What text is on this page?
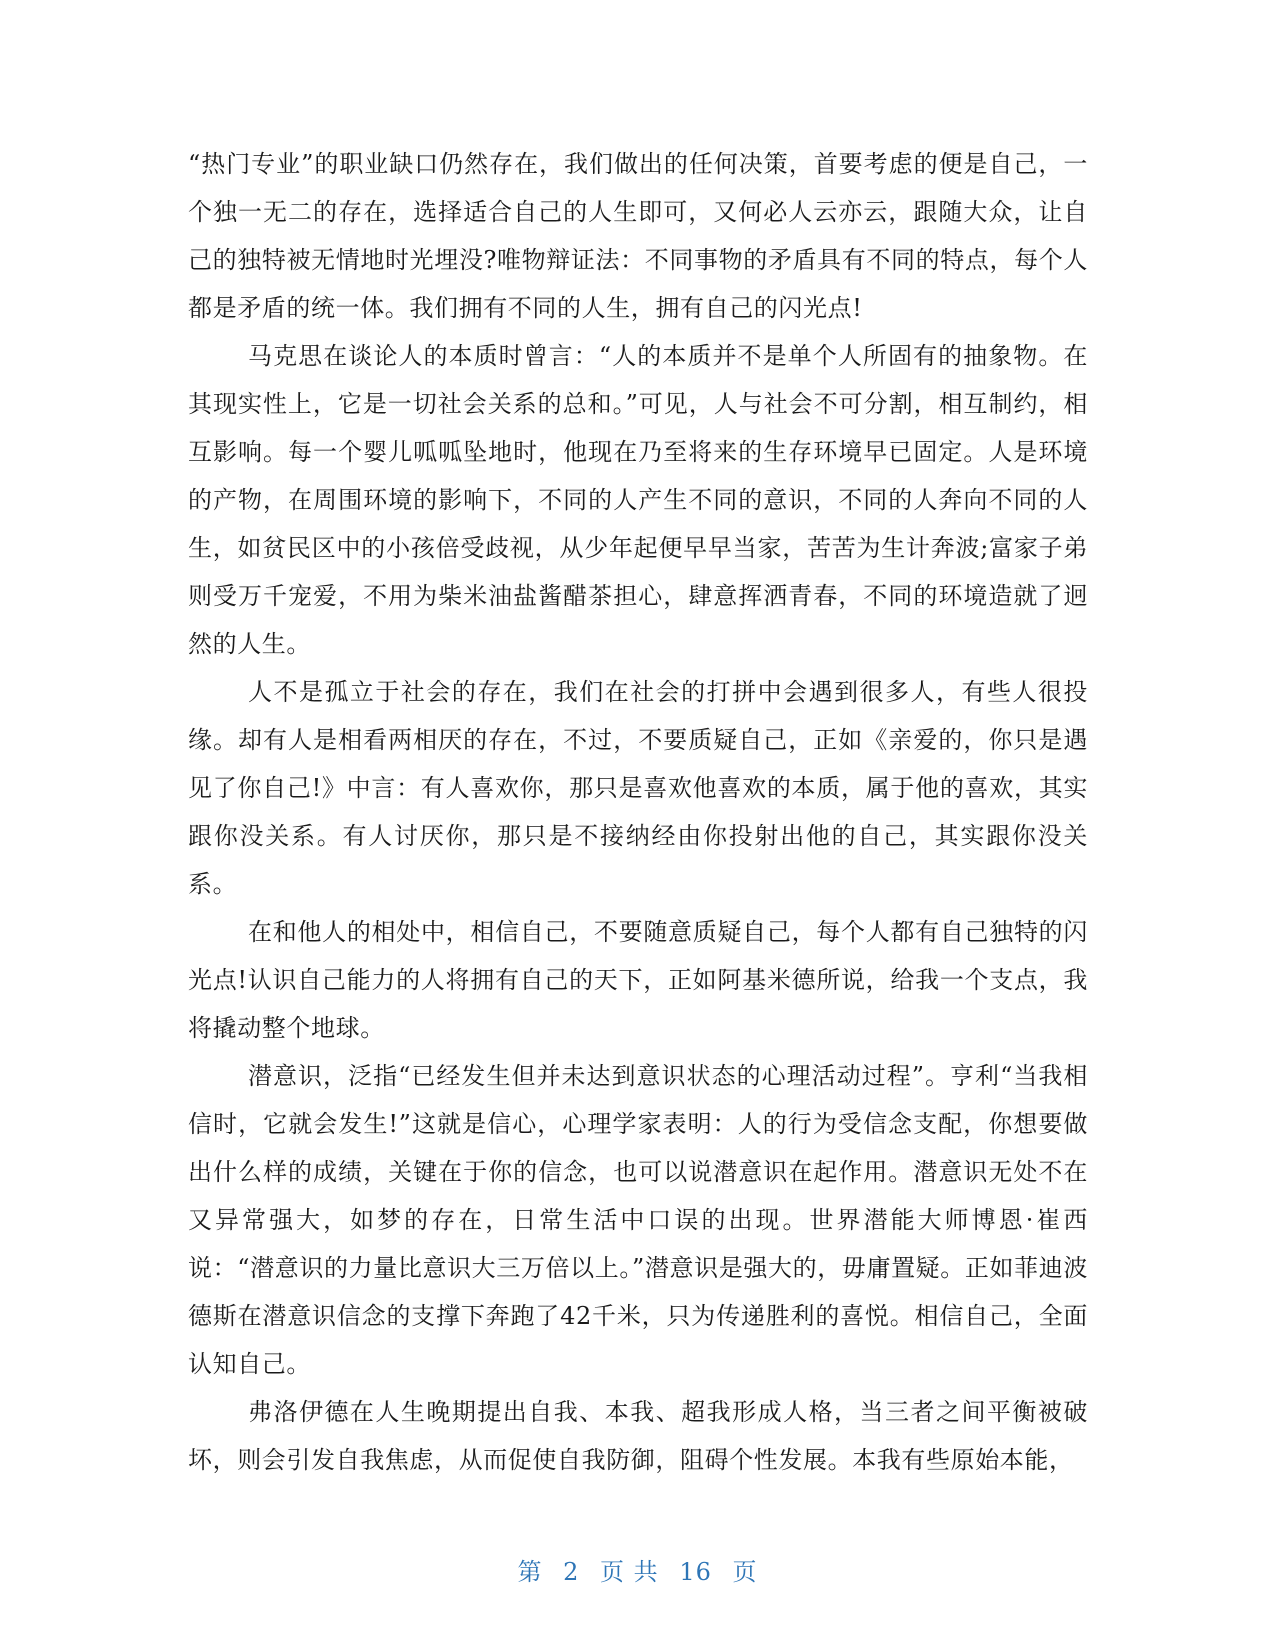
“热门专业”的职业缺口仍然存在，我们做出的任何决策，首要考虑的便是自己，一个独一无二的存在，选择适合自己的人生即可，又何必人云亦云，跟随大众，让自己的独特被无情地时光埋没?唯物辩证法：不同事物的矛盾具有不同的特点，每个人都是矛盾的统一体。我们拥有不同的人生，拥有自己的闪光点!

马克思在谈论人的本质时曾言：“人的本质并不是单个人所固有的抽象物。在其现实性上，它是一切社会关系的总和。”可见，人与社会不可分割，相互制约，相互影响。每一个婴儿呱呱坠地时，他现在乃至将来的生存环境早已固定。人是环境的产物，在周围环境的影响下，不同的人产生不同的意识，不同的人奔向不同的人生，如贫民区中的小孩倍受歧视，从少年起便早早当家，苦苦为生计奔波;富家子弟则受万千宠爱，不用为柴米油盐酱醋茶担心，肆意挥洒青春，不同的环境造就了迥然的人生。

人不是孤立于社会的存在，我们在社会的打拼中会遇到很多人，有些人很投缘。却有人是相看两相厌的存在，不过，不要质疑自己，正如《亲爱的，你只是遇见了你自己!》中言：有人喜欢你，那只是喜欢他喜欢的本质，属于他的喜欢，其实跟你没关系。有人讨厌你，那只是不接纳经由你投射出他的自己，其实跟你没关系。

在和他人的相处中，相信自己，不要随意质疑自己，每个人都有自己独特的闪光点!认识自己能力的人将拥有自己的天下，正如阿基米德所说，给我一个支点，我将撬动整个地球。

潜意识，泛指“已经发生但并未达到意识状态的心理活动过程”。亨利“当我相信时，它就会发生!”这就是信心，心理学家表明：人的行为受信念支配，你想要做出什么样的成绩，关键在于你的信念，也可以说潜意识在起作用。潜意识无处不在又异常强大，如梦的存在，日常生活中口误的出现。世界潜能大师博恩·崔西说：“潜意识的力量比意识大三万倍以上。”潜意识是强大的，毋庸置疑。正如菲迪波德斯在潜意识信念的支撑下奔跑了42千米，只为传递胜利的喜悦。相信自己，全面认知自己。

弗洛伊德在人生晚期提出自我、本我、超我形成人格，当三者之间平衡被破坏，则会引发自我焦虑，从而促使自我防御，阻碍个性发展。本我有些原始本能，

第 2 页 共 16 页
